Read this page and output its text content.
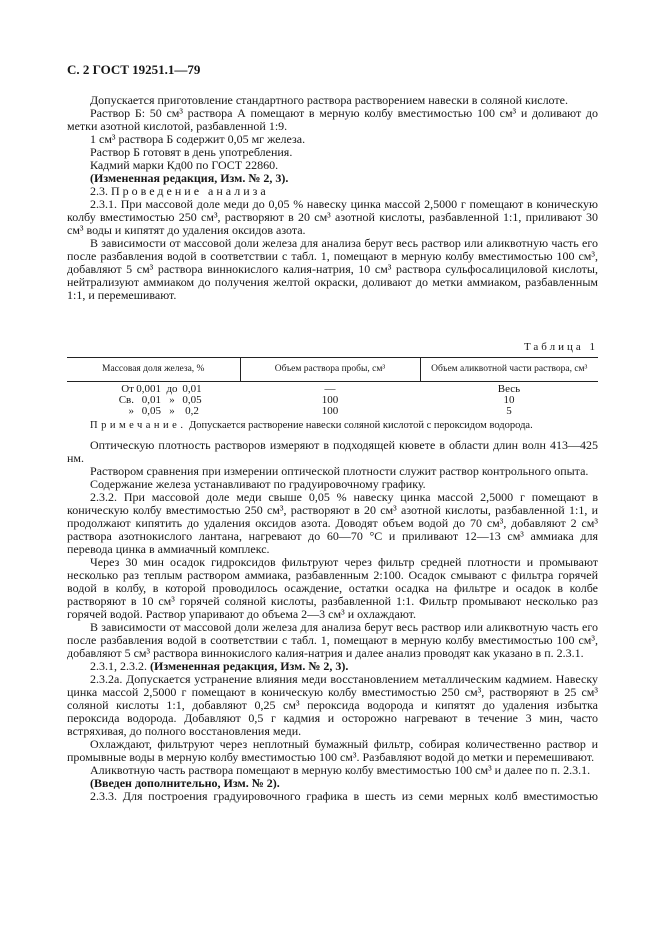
С. 2 ГОСТ 19251.1—79

Допускается приготовление стандартного раствора растворением навески в соляной кислоте.

Раствор Б: 50 см³ раствора А помещают в мерную колбу вместимостью 100 см³ и доливают до метки азотной кислотой, разбавленной 1:9.

1 см³ раствора Б содержит 0,05 мг железа.

Раствор Б готовят в день употребления.

Кадмий марки Кд00 по ГОСТ 22860.

(Измененная редакция, Изм. № 2, 3).

2.3. Проведение анализа

2.3.1. При массовой доле меди до 0,05 % навеску цинка массой 2,5000 г помещают в коническую колбу вместимостью 250 см³, растворяют в 20 см³ азотной кислоты, разбавленной 1:1, приливают 30 см³ воды и кипятят до удаления оксидов азота.

В зависимости от массовой доли железа для анализа берут весь раствор или аликвотную часть его после разбавления водой в соответствии с табл. 1, помещают в мерную колбу вместимостью 100 см³, добавляют 5 см³ раствора виннокислого калия-натрия, 10 см³ раствора сульфосалициловой кислоты, нейтрализуют аммиаком до получения желтой окраски, доливают до метки аммиаком, разбавленным 1:1, и перемешивают.

Таблица 1
Массовая доля железа, %	Объем раствора пробы, см³	Объем аликвотной части раствора, см³
От 0,001 до 0,01	—	Весь
Св. 0,01 » 0,05	100	10
» 0,05 » 0,2	100	5

Примечание. Допускается растворение навески соляной кислотой с пероксидом водорода.

Оптическую плотность растворов измеряют в подходящей кювете в области длин волн 413—425 нм.

Раствором сравнения при измерении оптической плотности служит раствор контрольного опыта.

Содержание железа устанавливают по градуировочному графику.

2.3.2. При массовой доле меди свыше 0,05 % навеску цинка массой 2,5000 г помещают в коническую колбу вместимостью 250 см³, растворяют в 20 см³ азотной кислоты, разбавленной 1:1, и продолжают кипятить до удаления оксидов азота. Доводят объем водой до 70 см³, добавляют 2 см³ раствора азотнокислого лантана, нагревают до 60—70 °С и приливают 12—13 см³ аммиака для перевода цинка в аммиачный комплекс.

Через 30 мин осадок гидроксидов фильтруют через фильтр средней плотности и промывают несколько раз теплым раствором аммиака, разбавленным 2:100. Осадок смывают с фильтра горячей водой в колбу, в которой проводилось осаждение, остатки осадка на фильтре и осадок в колбе растворяют в 10 см³ горячей соляной кислоты, разбавленной 1:1. Фильтр промывают несколько раз горячей водой. Раствор упаривают до объема 2—3 см³ и охлаждают.

В зависимости от массовой доли железа для анализа берут весь раствор или аликвотную часть его после разбавления водой в соответствии с табл. 1, помещают в мерную колбу вместимостью 100 см³, добавляют 5 см³ раствора виннокислого калия-натрия и далее анализ проводят как указано в п. 2.3.1.

2.3.1, 2.3.2. (Измененная редакция, Изм. № 2, 3).

2.3.2а. Допускается устранение влияния меди восстановлением металлическим кадмием. Навеску цинка массой 2,5000 г помещают в коническую колбу вместимостью 250 см³, растворяют в 25 см³ соляной кислоты 1:1, добавляют 0,25 см³ пероксида водорода и кипятят до удаления избытка пероксида водорода. Добавляют 0,5 г кадмия и осторожно нагревают в течение 3 мин, часто встряхивая, до полного восстановления меди.

Охлаждают, фильтруют через неплотный бумажный фильтр, собирая количественно раствор и промывные воды в мерную колбу вместимостью 100 см³. Разбавляют водой до метки и перемешивают.

Аликвотную часть раствора помещают в мерную колбу вместимостью 100 см³ и далее по п. 2.3.1.

(Введен дополнительно, Изм. № 2).

2.3.3. Для построения градуировочного графика в шесть из семи мерных колб вместимостью
